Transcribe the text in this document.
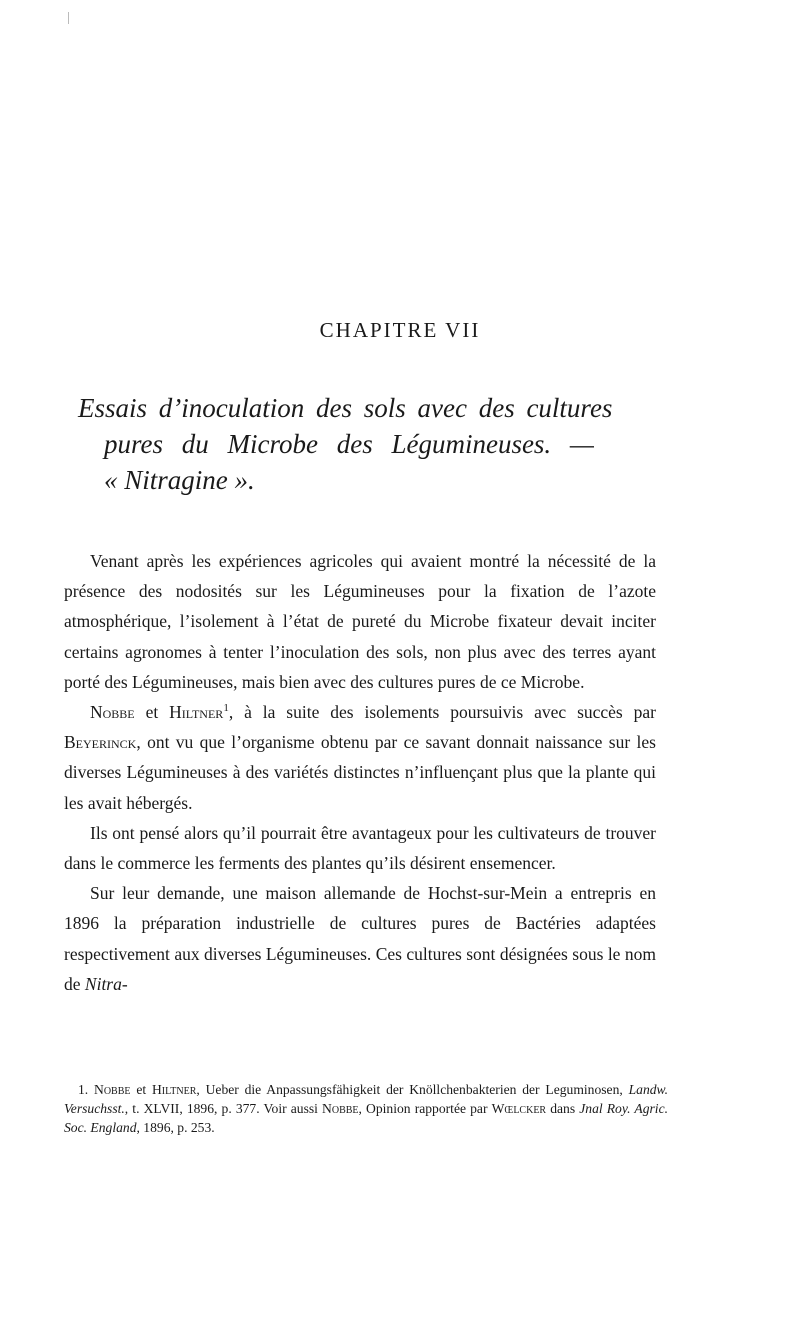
CHAPITRE VII
Essais d’inoculation des sols avec des cultures
pures du Microbe des Légumineuses. —
« Nitragine ».

Venant après les expériences agricoles qui avaient montré la nécessité de la présence des nodosités sur les Légumineuses pour la fixation de l’azote atmosphérique, l’isolement à l’état de pureté du Microbe fixateur devait inciter certains agronomes à tenter l’inoculation des sols, non plus avec des terres ayant porté des Légumineuses, mais bien avec des cultures pures de ce Microbe.

Nobbe et Hiltner$^1$, à la suite des isolements poursuivis avec succès par Beyerinck, ont vu que l’organisme obtenu par ce savant donnait naissance sur les diverses Légumineuses à des variétés distinctes n’influençant plus que la plante qui les avait hébergés.

Ils ont pensé alors qu’il pourrait être avantageux pour les cultivateurs de trouver dans le commerce les ferments des plantes qu’ils désirent ensemencer.

Sur leur demande, une maison allemande de Hochst-sur-Mein a entrepris en 1896 la préparation industrielle de cultures pures de Bactéries adaptées respectivement aux diverses Légumineuses. Ces cultures sont désignées sous le nom de Nitra-

1. Nobbe et Hiltner, Ueber die Anpassungsfähigkeit der Knöllchenbakterien der Leguminosen, Landw. Versuchsst., t. XLVII, 1896, p. 377. Voir aussi Nobbe, Opinion rapportée par Wœlcker dans Jnal Roy. Agric. Soc. England, 1896, p. 253.
